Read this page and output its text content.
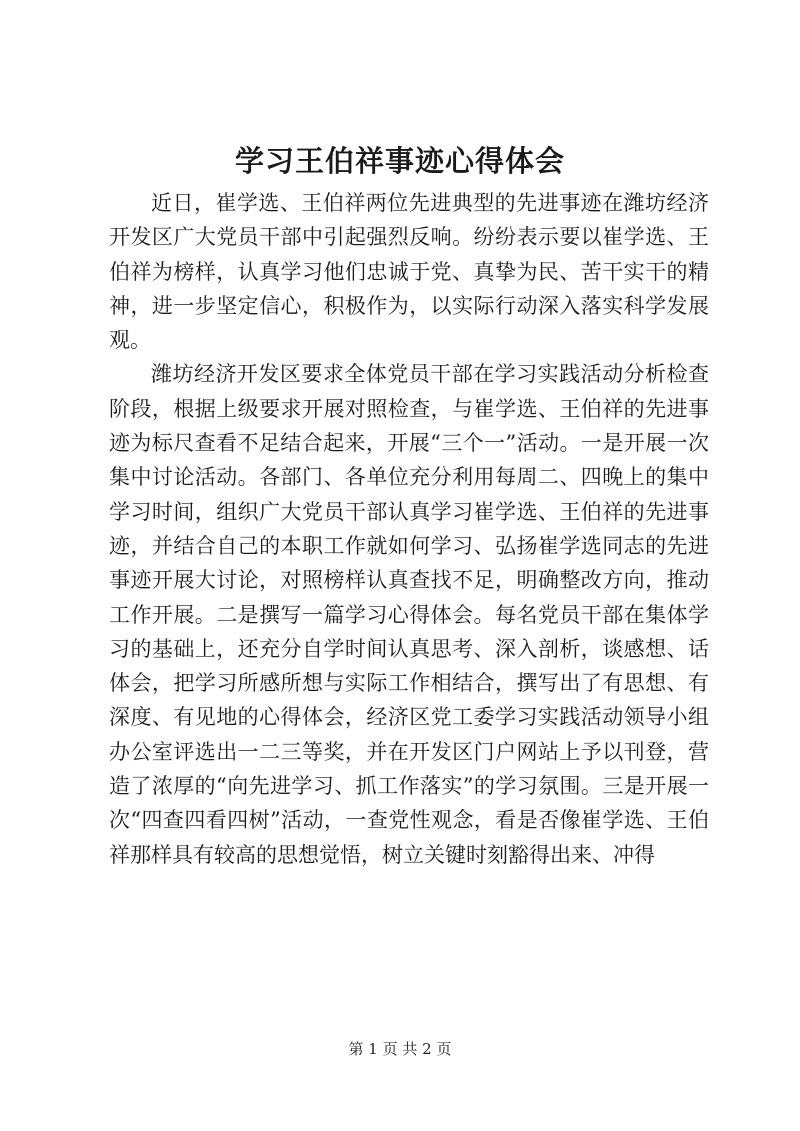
学习王伯祥事迹心得体会

近日，崔学选、王伯祥两位先进典型的先进事迹在潍坊经济开发区广大党员干部中引起强烈反响。纷纷表示要以崔学选、王伯祥为榜样，认真学习他们忠诚于党、真挚为民、苦干实干的精神，进一步坚定信心，积极作为，以实际行动深入落实科学发展观。

潍坊经济开发区要求全体党员干部在学习实践活动分析检查阶段，根据上级要求开展对照检查，与崔学选、王伯祥的先进事迹为标尺查看不足结合起来，开展“三个一”活动。一是开展一次集中讨论活动。各部门、各单位充分利用每周二、四晚上的集中学习时间，组织广大党员干部认真学习崔学选、王伯祥的先进事迹，并结合自己的本职工作就如何学习、弘扬崔学选同志的先进事迹开展大讨论，对照榜样认真查找不足，明确整改方向，推动工作开展。二是撰写一篇学习心得体会。每名党员干部在集体学习的基础上，还充分自学时间认真思考、深入剖析，谈感想、话体会，把学习所感所想与实际工作相结合，撰写出了有思想、有深度、有见地的心得体会，经济区党工委学习实践活动领导小组办公室评选出一二三等奖，并在开发区门户网站上予以刊登，营造了浓厚的“向先进学习、抓工作落实”的学习氛围。三是开展一次“四查四看四树”活动，一查党性观念，看是否像崔学选、王伯祥那样具有较高的思想觉悟，树立关键时刻豁得出来、冲得

第 1 页 共 2 页
